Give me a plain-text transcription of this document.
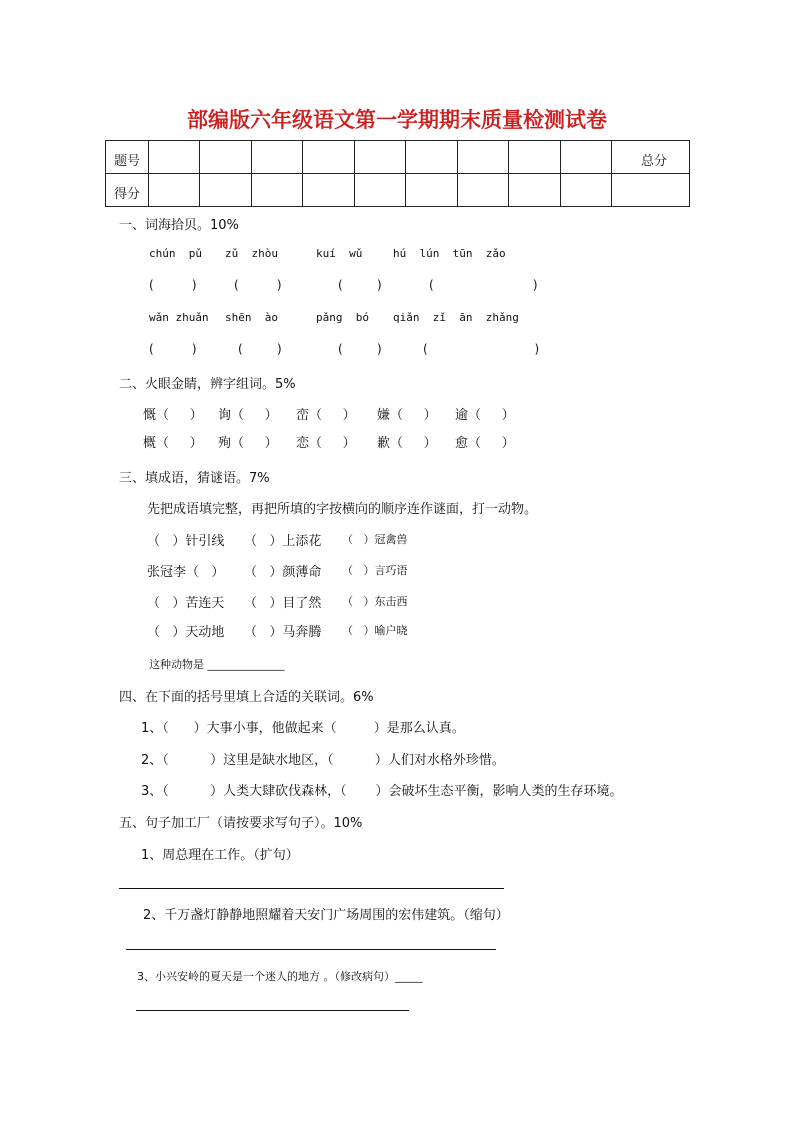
部编版六年级语文第一学期期末质量检测试卷
题号										总分
得分										
一、词海拾贝。10%
chún  pǔ zǔ  zhòu	kuí  wǔ	hú  lún  tūn  zǎo
(          )	(          )	(         )	(                          )
wǎn zhuǎn shēn  ào	pǎng  bó qiǎn  zǐ  ān  zhǎng
(          )	(         )	(         )	(                            )
二、火眼金睛，辨字组词。5%
慨（     ） 询（     ） 峦（     ） 嫌（     ） 逾（     ）
概（     ） 殉（     ） 恋（     ） 歉（     ） 愈（     ）
三、填成语，猜谜语。7%
先把成语填完整，再把所填的字按横向的顺序连作谜面，打一动物。
（   ）针引线 （   ）上添花 （   ）冠禽兽
张冠李（   ） （   ）颜薄命 （   ）言巧语
（   ）苦连天 （   ）目了然 （   ）东击西
（   ）天动地 （   ）马奔腾 （   ）喻户晓
这种动物是 ______________
四、在下面的括号里填上合适的关联词。6%
1、（      ）大事小事，他做起来（         ）是那么认真。
2、（          ）这里是缺水地区，（          ）人们对水格外珍惜。
3、（          ）人类大肆砍伐森林，（       ）会破坏生态平衡，影响人类的生存环境。
五、句子加工厂（请按要求写句子）。10%
1、周总理在工作。（扩句）
2、千万盏灯静静地照耀着天安门广场周围的宏伟建筑。（缩句）
3、小兴安岭的夏天是一个迷人的地方 。（修改病句）_____
